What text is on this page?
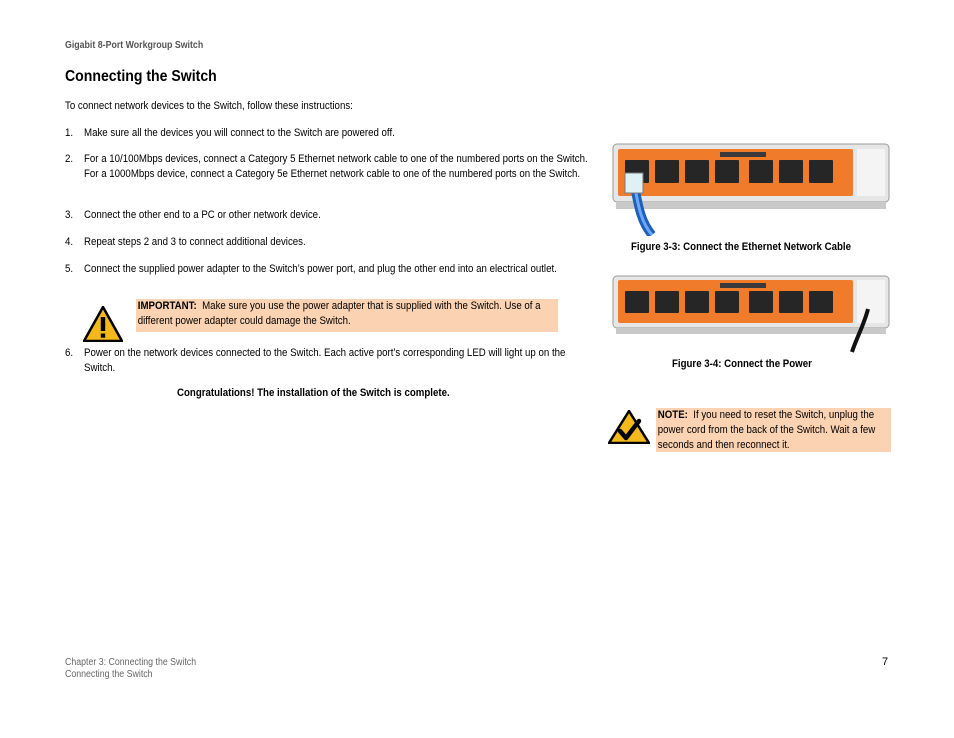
Gigabit 8-Port Workgroup Switch
Connecting the Switch
To connect network devices to the Switch, follow these instructions:
1. Make sure all the devices you will connect to the Switch are powered off.
2. For a 10/100Mbps devices, connect a Category 5 Ethernet network cable to one of the numbered ports on the Switch. For a 1000Mbps device, connect a Category 5e Ethernet network cable to one of the numbered ports on the Switch.
3. Connect the other end to a PC or other network device.
4. Repeat steps 2 and 3 to connect additional devices.
5. Connect the supplied power adapter to the Switch’s power port, and plug the other end into an electrical outlet.
6. Power on the network devices connected to the Switch. Each active port’s corresponding LED will light up on the Switch.
IMPORTANT: Make sure you use the power adapter that is supplied with the Switch. Use of a different power adapter could damage the Switch.
Congratulations! The installation of the Switch is complete.
Figure 3-3: Connect the Ethernet Network Cable
Figure 3-4: Connect the Power
NOTE: If you need to reset the Switch, unplug the power cord from the back of the Switch. Wait a few seconds and then reconnect it.
Chapter 3: Connecting the Switch
Connecting the Switch
7
